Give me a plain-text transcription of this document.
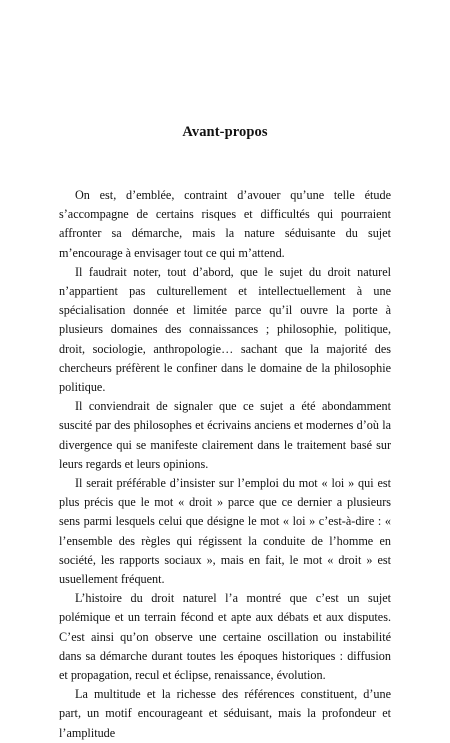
Avant-propos

On est, d’emblée, contraint d’avouer qu’une telle étude s’accompagne de certains risques et difficultés qui pourraient affronter sa démarche, mais la nature séduisante du sujet m’encourage à envisager tout ce qui m’attend.

Il faudrait noter, tout d’abord, que le sujet du droit naturel n’appartient pas culturellement et intellectuellement à une spécialisation donnée et limitée parce qu’il ouvre la porte à plusieurs domaines des connaissances ; philosophie, politique, droit, sociologie, anthropologie… sachant que la majorité des chercheurs préfèrent le confiner dans le domaine de la philosophie politique.

Il conviendrait de signaler que ce sujet a été abondamment suscité par des philosophes et écrivains anciens et modernes d’où la divergence qui se manifeste clairement dans le traitement basé sur leurs regards et leurs opinions.

Il serait préférable d’insister sur l’emploi du mot « loi » qui est plus précis que le mot « droit » parce que ce dernier a plusieurs sens parmi lesquels celui que désigne le mot « loi » c’est-à-dire : « l’ensemble des règles qui régissent la conduite de l’homme en société, les rapports sociaux », mais en fait, le mot « droit » est usuellement fréquent.

L’histoire du droit naturel l’a montré que c’est un sujet polémique et un terrain fécond et apte aux débats et aux disputes. C’est ainsi qu’on observe une certaine oscillation ou instabilité dans sa démarche durant toutes les époques historiques : diffusion et propagation, recul et éclipse, renaissance, évolution.

La multitude et la richesse des références constituent, d’une part, un motif encourageant et séduisant, mais la profondeur et l’amplitude
